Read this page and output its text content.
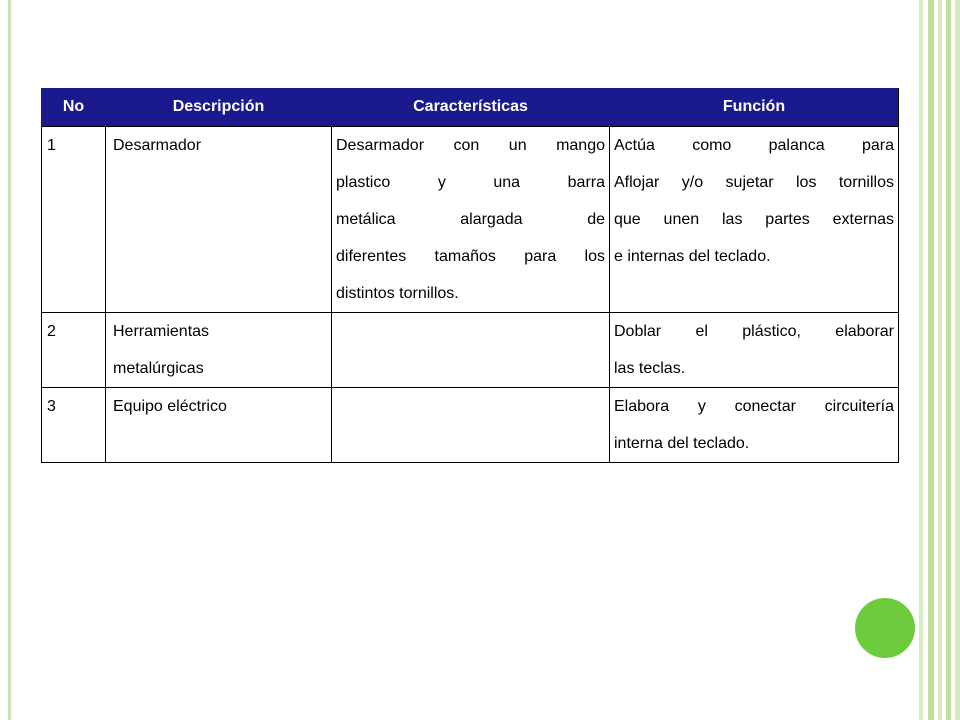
No	Descripción	Características	Función
1	Desarmador	Desarmador con un mango
plastico y una barra
metálica alargada de
diferentes tamaños para los
distintos tornillos.	Actúa como palanca para
Aflojar y/o sujetar los tornillos
que unen las partes externas
e internas del teclado.

2	Herramientas
metalúrgicas		Doblar el plástico, elaborar
las teclas.

3	Equipo eléctrico		Elabora y conectar circuitería
interna del teclado.
